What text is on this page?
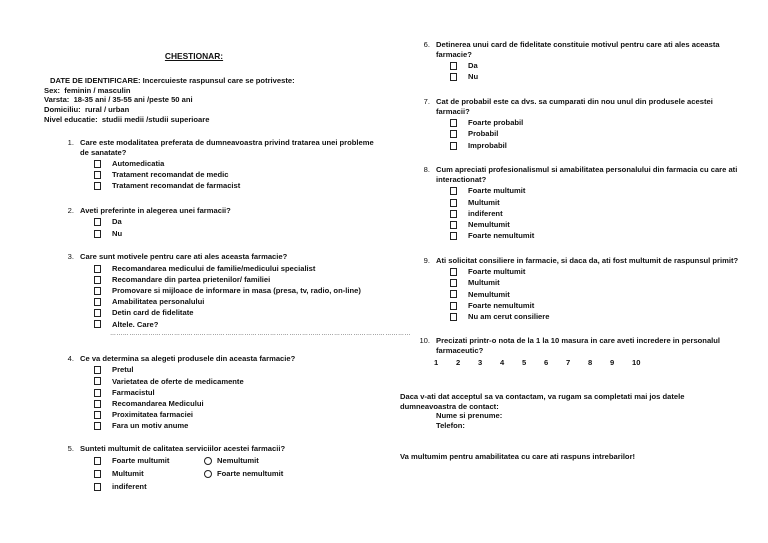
CHESTIONAR:
DATE DE IDENTIFICARE: Incercuieste raspunsul care se potriveste:
Sex: feminin / masculin
Varsta: 18-35 ani / 35-55 ani /peste 50 ani
Domiciliu: rural / urban
Nivel educatie: studii medii /studii superioare
1. Care este modalitatea preferata de dumneavoastra privind tratarea unei probleme de sanatate?
Automedicatia
Tratament recomandat de medic
Tratament recomandat de farmacist
2. Aveti preferinte in alegerea unei farmacii?
Da
Nu
3. Care sunt motivele pentru care ati ales aceasta farmacie?
Recomandarea medicului de familie/medicului specialist
Recomandare din partea prietenilor/ familiei
Promovare si mijloace de informare in masa (presa, tv, radio, on-line)
Amabilitatea personalului
Detin card de fidelitate
Altele. Care?
……………………………………………………………………………………………………………………………
4. Ce va determina sa alegeti produsele din aceasta farmacie?
Pretul
Varietatea de oferte de medicamente
Farmacistul
Recomandarea Medicului
Proximitatea farmaciei
Fara un motiv anume
5. Sunteti multumit de calitatea serviciilor acestei farmacii?
Foarte multumit
Multumit
indiferent
Nemultumit
Foarte nemultumit
6. Detinerea unui card de fidelitate constituie motivul pentru care ati ales aceasta farmacie?
Da
Nu
7. Cat de probabil este ca dvs. sa cumparati din nou unul din produsele acestei farmacii?
Foarte probabil
Probabil
Improbabil
8. Cum apreciati profesionalismul si amabilitatea personalului din farmacia cu care ati interactionat?
Foarte multumit
Multumit
indiferent
Nemultumit
Foarte nemultumit
9. Ati solicitat consiliere in farmacie, si daca da, ati fost multumit de raspunsul primit?
Foarte multumit
Multumit
Nemultumit
Foarte nemultumit
Nu am cerut consiliere
10. Precizati printr-o nota de la 1 la 10 masura in care aveti incredere in personalul farmaceutic?
1	2	3	4	5	6	7	8	9	10
Daca v-ati dat acceptul sa va contactam, va rugam sa completati mai jos datele dumneavoastra de contact:
Nume si prenume:
Telefon:
Va multumim pentru amabilitatea cu care ati raspuns intrebarilor!
